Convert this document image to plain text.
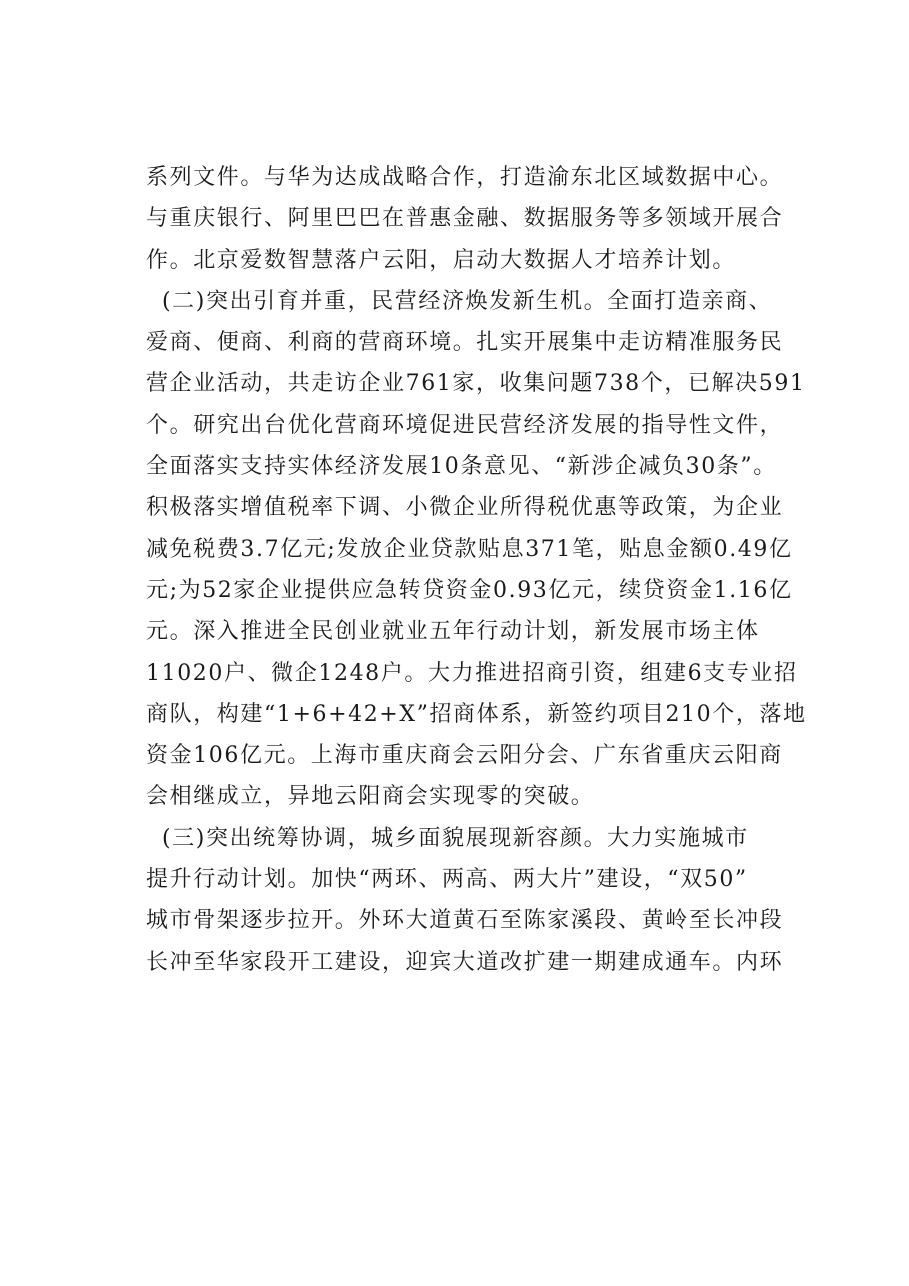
系列文件。与华为达成战略合作，打造渝东北区域数据中心。
与重庆银行、阿里巴巴在普惠金融、数据服务等多领域开展合
作。北京爱数智慧落户云阳，启动大数据人才培养计划。
(二)突出引育并重，民营经济焕发新生机。全面打造亲商、
爱商、便商、利商的营商环境。扎实开展集中走访精准服务民
营企业活动，共走访企业761家，收集问题738个，已解决591
个。研究出台优化营商环境促进民营经济发展的指导性文件，
全面落实支持实体经济发展10条意见、“新涉企减负30条”。
积极落实增值税率下调、小微企业所得税优惠等政策，为企业
减免税费3.7亿元;发放企业贷款贴息371笔，贴息金额0.49亿
元;为52家企业提供应急转贷资金0.93亿元，续贷资金1.16亿
元。深入推进全民创业就业五年行动计划，新发展市场主体
11020户、微企1248户。大力推进招商引资，组建6支专业招
商队，构建“1+6+42+X”招商体系，新签约项目210个，落地
资金106亿元。上海市重庆商会云阳分会、广东省重庆云阳商
会相继成立，异地云阳商会实现零的突破。
(三)突出统筹协调，城乡面貌展现新容颜。大力实施城市
提升行动计划。加快“两环、两高、两大片”建设，“双50”
城市骨架逐步拉开。外环大道黄石至陈家溪段、黄岭至长冲段
长冲至华家段开工建设，迎宾大道改扩建一期建成通车。内环
